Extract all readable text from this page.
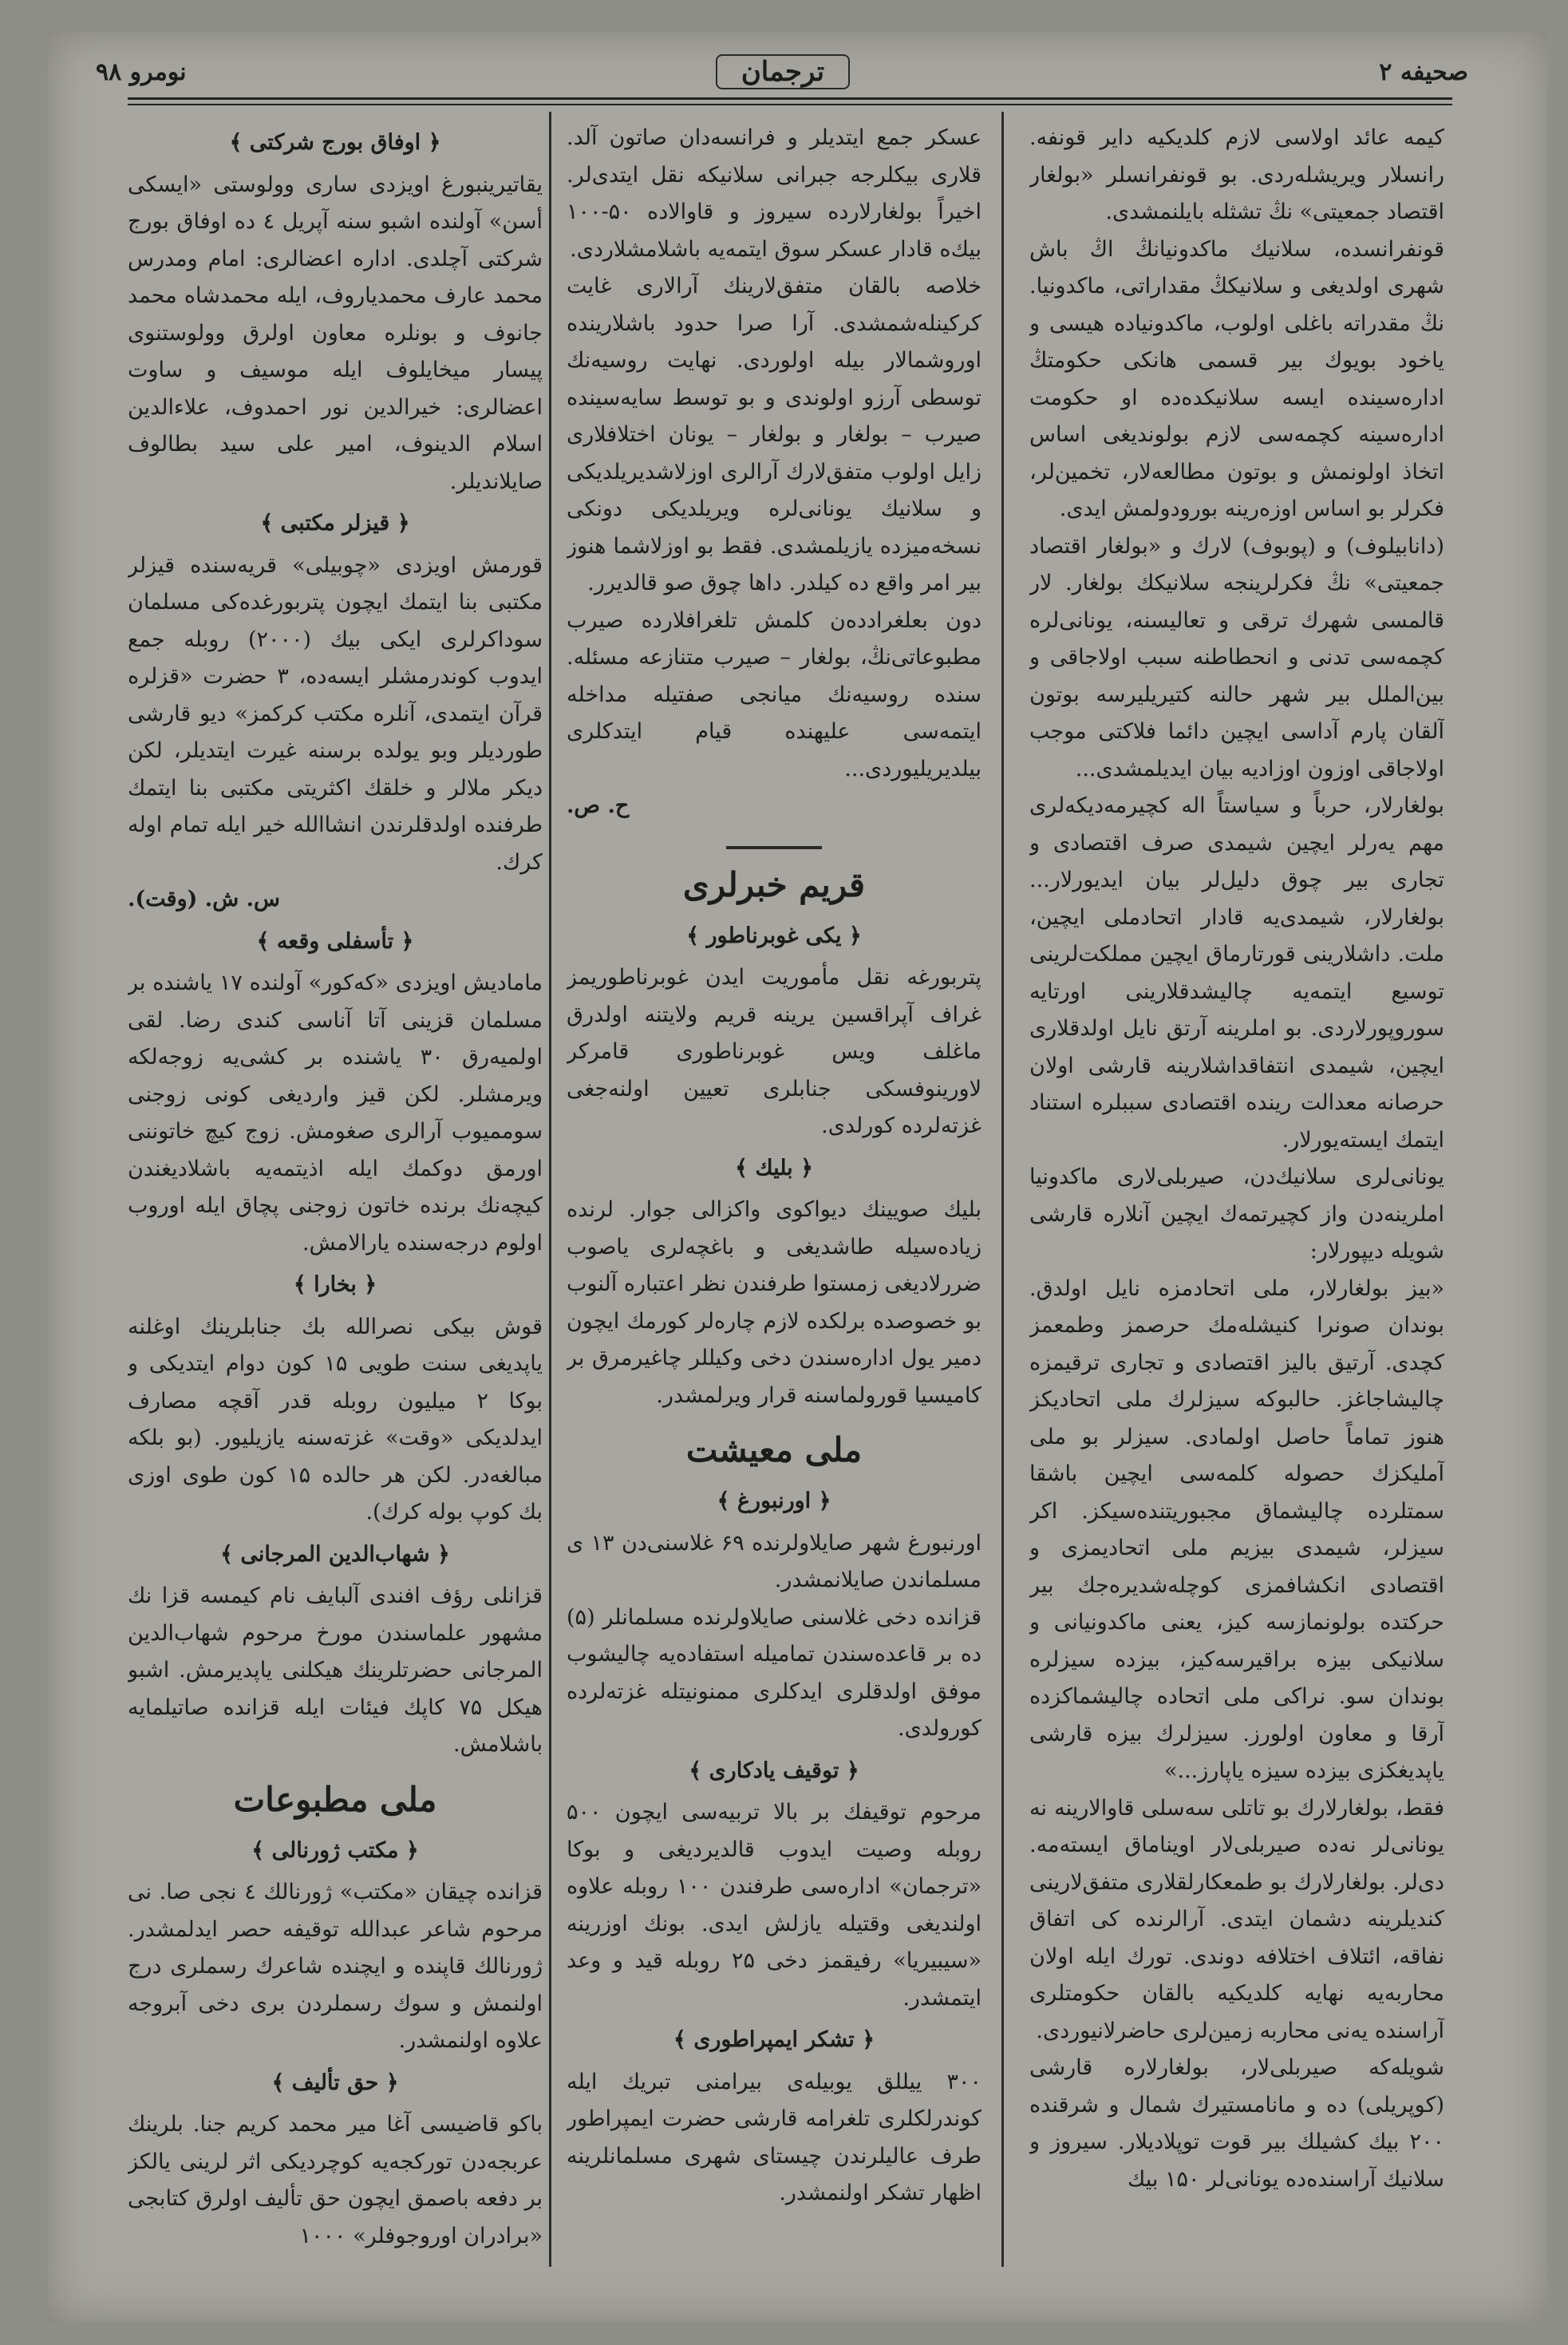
نومرو ۹۸	ترجمان	صحیفه ۲

کیمه عائد اولاسی لازم کلدیکیه دایر قونفه. رانسلار ویریشله‌ردی. بو قونفرانسلر «بولغار اقتصاد جمعیتی» نڭ تشثله بایلنمشدی.

قونفرانسده، سلانیك ماکدونیانڭ اڭ باش شهری اولدیغی و سلانیکڭ مقداراتی، ماکدونیا. نڭ مقدراته باغلی اولوب، ماکدونیاده هیسی و یاخود بویوك بیر قسمی هانکی حکومتڭ اداره‌سینده ایسه سلانیکده‌ده او حکومت اداره‌سینه کچمه‌سی لازم بولوندیغی اساس اتخاذ اولونمش و بوتون مطالعه‌لار، تخمین‌لر، فکرلر بو اساس اوزه‌رینه بورودولمش ایدی.

(دانابیلوف) و (پوبوف) لارك و «بولغار اقتصاد جمعیتی» نڭ فکرلرینجه سلانیکك بولغار. لار قالمسی شهرك ترقی و تعالیسنه، یونانی‌لره کچمه‌سی تدنی و انحطاطنه سبب اولاجاقی و بین‌الملل بیر شهر حالنه کتیریلیرسه بوتون آلقان پارم آداسی ایچین دائما فلاکتی موجب اولاجاقی اوزون اوزادیه بیان ایدیلمشدی...

بولغارلار، حرباً و سیاستاً اله کچیرمه‌دیکه‌لری مهم یه‌رلر ایچین شیمدی صرف اقتصادی و تجاری بیر چوق دلیل‌لر بیان ایدیورلار... بولغارلار، شیمدی‌یه قادار اتحادملی ایچین، ملت. داشلارینی قورتارماق ایچین مملکت‌لرینی توسیع ایتمه‌یه چالیشدقلارینی اورتایه سوروپورلاردی. بو املرینه آرتق نایل اولدقلاری ایچین، شیمدی انتفاقدا‌شلارینه قارشی اولان حرصانه معدالت رینده اقتصادی سببلره استناد ایتمك ایسته‌یورلار.

یونانی‌لری سلانیك‌دن، صیربلی‌لاری ماکدونیا املرینه‌دن واز کچیرتمه‌ك ایچین آنلاره قارشی شویله دیپورلار:

«بیز بولغارلار، ملی اتحادمزه نایل اولدق. بوندان صونرا کنیشله‌مك حرصمز وطمعمز کچدی. آرتیق بالیز اقتصادی و تجاری ترقیمزه چالیشاجاغز. حالبوکه سیزلرك ملی اتحادیکز هنوز تماماً حاصل اولمادی. سیزلر بو ملی آملیکزك حصوله کلمه‌سی ایچین باشقا سمتلرده چالیشماق مجبوریتنده‌سیکز. اکر سیزلر، شیمدی بیزیم ملی اتحادیمزی و اقتصادی انکشافمزی کوچله‌شدیره‌جك بیر حرکتده بولونمازسه کیز، یعنی ماکدونیانی و سلانیکی بیزه براقیرسه‌کیز، بیزده سیزلره بوندان سو. نراکی ملی اتحاده چالیشماکزده آرقا و معاون اولورز. سیزلرك بیزه قارشی یاپدیغکزی بیزده سیزه یاپارز...»

فقط، بولغارلارك بو تاتلی سه‌سلی قاوالارینه نه یونانی‌لر نه‌ده صیربلی‌لار اویناماق ایسته‌مه. دی‌لر. بولغارلارك بو طمعکارلقلاری متفق‌لارینی کندیلرینه دشمان ایتدی. آرالرنده کی اتفاق نفاقه، ائتلاف اختلافه دوندی. تورك ایله اولان محاربه‌یه نهایه کلدیکیه بالقان حکومتلری آراسنده یه‌نی محاربه زمین‌لری حاضرلانیوردی.

شویله‌که صیربلی‌لار، بولغارلاره قارشی (کوپریلی) ده و مانامستیرك شمال و شرقنده ۲۰۰ بیك کشیلك بیر قوت توپلادیلار. سیروز و سلانیك آراسنده‌ده یونانی‌لر ۱۵۰ بیك

عسکر جمع ایتدیلر و فرانسه‌دان صاتون آلد. قلاری بیکلرجه جبرانی سلانیکه نقل ایتدی‌لر. اخیراً بولغارلارده سیروز و قاوالاده ۵۰-۱۰۰ بیك‌ه قادار عسکر سوق ایتمه‌یه باشلامشلاردی.

خلاصه بالقان متفق‌لارینك آرالاری غایت کرکینله‌شمشدی. آرا صرا حدود باشلارینده اوروشمالار بیله اولوردی. نهایت روسیه‌نك توسطی آرزو اولوندی و بو توسط سایه‌سینده صیرب – بولغار و بولغار – یونان اختلافلاری زایل اولوب متفق‌لارك آرالری اوزلاشدیریلدیکی و سلانیك یونانی‌لره ویریلدیکی دونکی نسخه‌میزده یازیلمشدی. فقط بو اوزلاشما هنوز بیر امر واقع ده کیلدر. داها چوق صو قالدیرر.

دون بعلغرادده‌ن کلمش تلغرافلارده صیرب مطبوعاتی‌نڭ، بولغار – صیرب متنازعه مسئله. سنده روسیه‌نك میانجی صفتیله مداخله ایتمه‌سی علیهنده قیام ایتدکلری بیلدیریلیوردی...

ح. ص.

قریم خبرلری
﴿ یکی غوبرناطور ﴾

پتربورغه نقل مأموریت ایدن غوبرناطوریمز غراف آپراقسین یرینه قریم ولایتنه اولدرق ماغلف ویس غوبرناطوری قامرکر لاورینوفسکی جنابلری تعیین اولنه‌جغی غزته‌لرده کورلدی.

﴿ بلیك ﴾

بلیك صویینك دیواکوی واکزالی جوار. لرنده زیاده‌سیله طاشدیغی و باغچه‌لری یاصوب ضررلادیغی زمستوا طرفندن نظر اعتباره آلنوب بو خصوصده برلکده لازم چاره‌لر کورمك ایچون دمیر یول اداره‌سندن دخی وکیللر چاغیرمرق بر کامیسیا قورولماسنه قرار ویرلمشدر.

ملی معیشت
﴿ اورنبورغ ﴾

اورنبورغ شهر صایلاولرنده ۶۹ غلاسنی‌دن ۱۳ ی مسلماندن صایلانمشدر.

قزانده دخی غلاسنی صایلاولرنده مسلمانلر (۵) ده بر قاعده‌سندن تمامیله استفاده‌یه چالیشوب موفق اولدقلری ایدکلری ممنونیتله غزته‌لرده کورولدی.

﴿ توقیف یادکاری ﴾

مرحوم توقیفك بر بالا تربیه‌سی ایچون ۵۰۰ روبله وصیت ایدوب قالدیردیغی و بوکا «ترجمان» اداره‌سی طرفندن ۱۰۰ روبله علاوه اولندیغی وقتیله یازلش ایدی. بونك اوزرینه «سیبیریا» رفیقمز دخی ۲۵ روبله قید و وعد ایتمشدر.

﴿ تشکر ایمپراطوری ﴾

۳۰۰ ییللق یوبیله‌ی بیرامنی تبریك ایله کوندرلکلری تلغرامه قارشی حضرت ایمپراطور طرف عالیلرندن چیستای شهری مسلمانلرینه اظهار تشکر اولنمشدر.

﴿ اوفاق بورج شرکتی ﴾

یقاتیرینبورغ اویزدی ساری وولوستی «ایسکی أسن» آولنده اشبو سنه آپریل ٤ ده اوفاق بورج شرکتی آچلدی. اداره اعضالری: امام ومدرس محمد عارف محمدیاروف، ایله محمدشاه محمد جانوف و بونلره معاون اولرق وولوستنوی پیسار میخایلوف ایله موسیف و ساوت اعضالری: خیرالدین نور احمدوف، علاءالدین اسلام الدینوف، امیر علی سید بطالوف صایلاندیلر.

﴿ قیزلر مکتبی ﴾

قورمش اویزدی «چوبیلی» قریه‌سنده قیزلر مکتبی بنا ایتمك ایچون پتربورغده‌کی مسلمان سوداکرلری ایکی بیك (۲۰۰۰) روبله جمع ایدوب کوندرمشلر ایسه‌ده، ۳ حضرت «قزلره قرآن ایتمدی، آنلره مکتب کرکمز» دیو قارشی طوردیلر وبو یولده برسنه غیرت ایتدیلر، لکن دیکر ملالر و خلقك اکثریتی مکتبی بنا ایتمك طرفنده اولدقلرندن انشاالله خیر ایله تمام اوله کرك.

س. ش. (وقت).

﴿ تأسفلی وقعه ﴾

مامادیش اویزدی «که‌کور» آولنده ۱۷ یاشنده بر مسلمان قزینی آتا آناسی کندی رضا. لقی اولمیه‌رق ۳۰ یاشنده بر کشی‌یه زوجه‌لکه ویرمشلر. لکن قیز واردیغی کونی زوجنی سوممیوب آرالری صغومش. زوج کیچ خاتوننی اورمق دوکمك ایله اذیتمه‌یه باشلادیغندن کیچه‌نك برنده خاتون زوجنی پچاق ایله اوروب اولوم درجه‌سنده یارالامش.

﴿ بخارا ﴾

قوش بیکی نصرالله بك جنابلرینك اوغلنه یاپدیغی سنت طویی ۱۵ کون دوام ایتدیکی و بوکا ۲ میلیون روبله قدر آقچه مصارف ایدلدیکی «وقت» غزته‌سنه یازیلیور. (بو بلکه مبالغه‌در. لکن هر حالده ۱۵ کون طوی اوزی بك کوپ بوله کرك).

﴿ شهاب‌الدین المرجانی ﴾

قزانلی رؤف افندی آلبایف نام کیمسه قزا نك مشهور علماسندن مورخ مرحوم شهاب‌الدین المرجانی حضرتلرینك هیکلنی یاپدیرمش. اشبو هیکل ۷۵ کاپك فیئات ایله قزانده صاتیلمایه باشلامش.

ملی مطبوعات
﴿ مکتب ژورنالی ﴾

قزانده چیقان «مکتب» ژورنالك ٤ نجی صا. نی مرحوم شاعر عبدالله توقیفه حصر ایدلمشدر. ژورنالك قاپنده و ایچنده شاعرك رسملری درج اولنمش و سوك رسملردن بری دخی آبروجه علاوه اولنمشدر.

﴿ حق تألیف ﴾

باکو قاضیسی آغا میر محمد کریم جنا. بلرینك عربجه‌دن تورکجه‌یه کوچردیکی اثر لرینی یالکز بر دفعه باصمق ایچون حق تألیف اولرق کتابجی «برادران اوروجوفلر» ۱۰۰۰
